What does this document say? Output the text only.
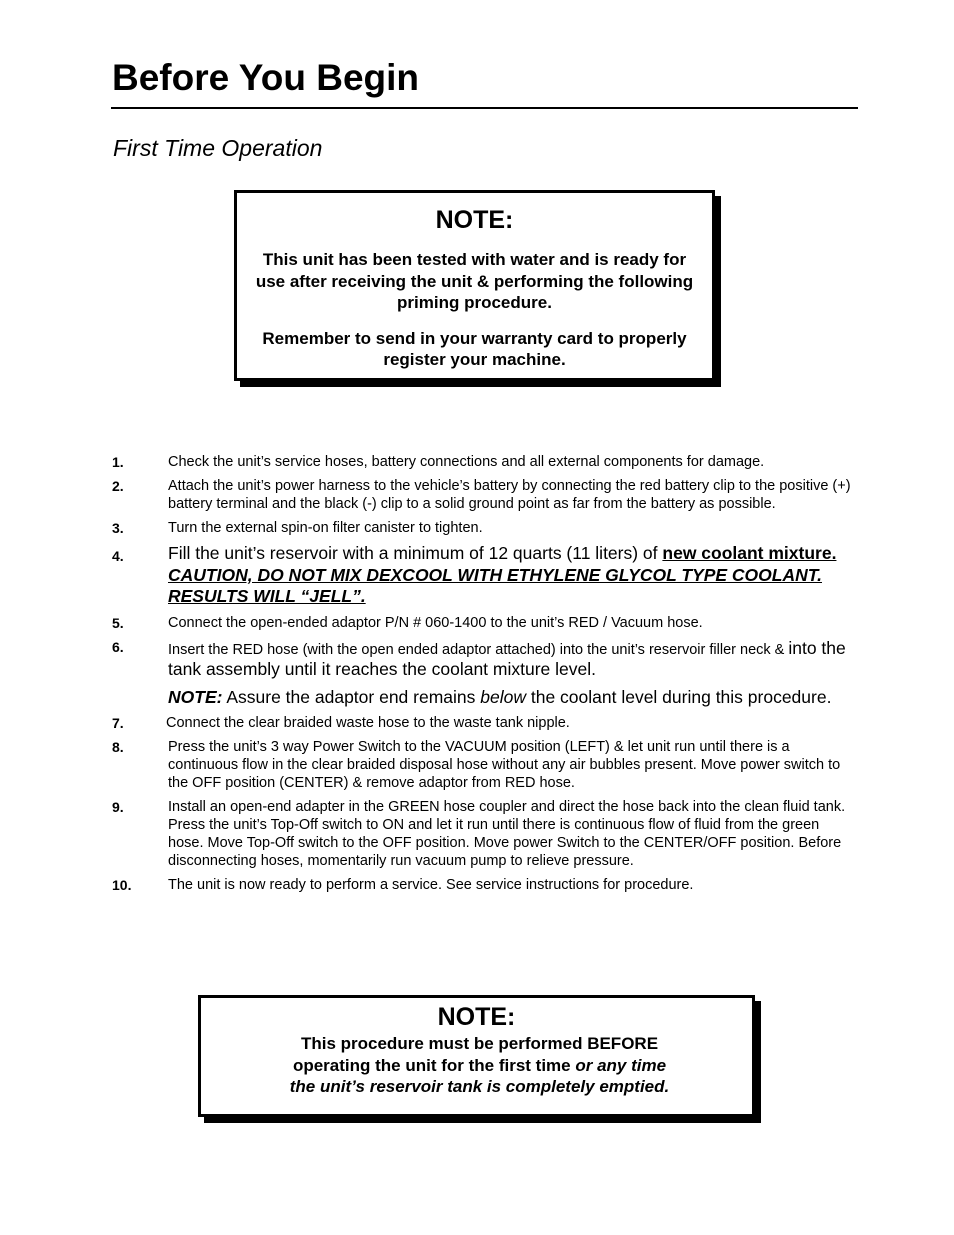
Before You Begin
First Time Operation
NOTE:
This unit has been tested with water and is ready for use after receiving the unit & performing the following priming procedure.
Remember to send in your warranty card to properly register your machine.
1.	Check the unit’s service hoses, battery connections and all external components for damage.
2.	Attach the unit’s power harness to the vehicle’s battery by connecting the red battery clip to the positive (+) battery terminal and the black (-) clip to a solid ground point as far from the battery as possible.
3.	Turn the external spin-on filter canister to tighten.
4.	Fill the unit’s reservoir with a minimum of 12 quarts (11 liters) of new coolant mixture. CAUTION, DO NOT MIX DEXCOOL WITH ETHYLENE GLYCOL TYPE COOLANT. RESULTS WILL “JELL”.
5.	Connect the open-ended adaptor P/N # 060-1400 to the unit’s RED / Vacuum hose.
6.	Insert the RED hose (with the open ended adaptor attached) into the unit’s reservoir filler neck & into the tank assembly until it reaches the coolant mixture level.

NOTE: Assure the adaptor end remains below the coolant level during this procedure.

7.	Connect the clear braided waste hose to the waste tank nipple.
8.	Press the unit’s 3 way Power Switch to the VACUUM position (LEFT) & let unit run until there is a continuous flow in the clear braided disposal hose without any air bubbles present. Move power switch to the OFF position (CENTER) & remove adaptor from RED hose.
9.	Install an open-end adapter in the GREEN hose coupler and direct the hose back into the clean fluid tank. Press the unit’s Top-Off switch to ON and let it run until there is continuous flow of fluid from the green hose. Move Top-Off switch to the OFF position. Move power Switch to the CENTER/OFF position. Before disconnecting hoses, momentarily run vacuum pump to relieve pressure.
10.	The unit is now ready to perform a service. See service instructions for procedure.
NOTE:
This procedure must be performed BEFORE
operating the unit for the first time or any time
the unit’s reservoir tank is completely emptied.
